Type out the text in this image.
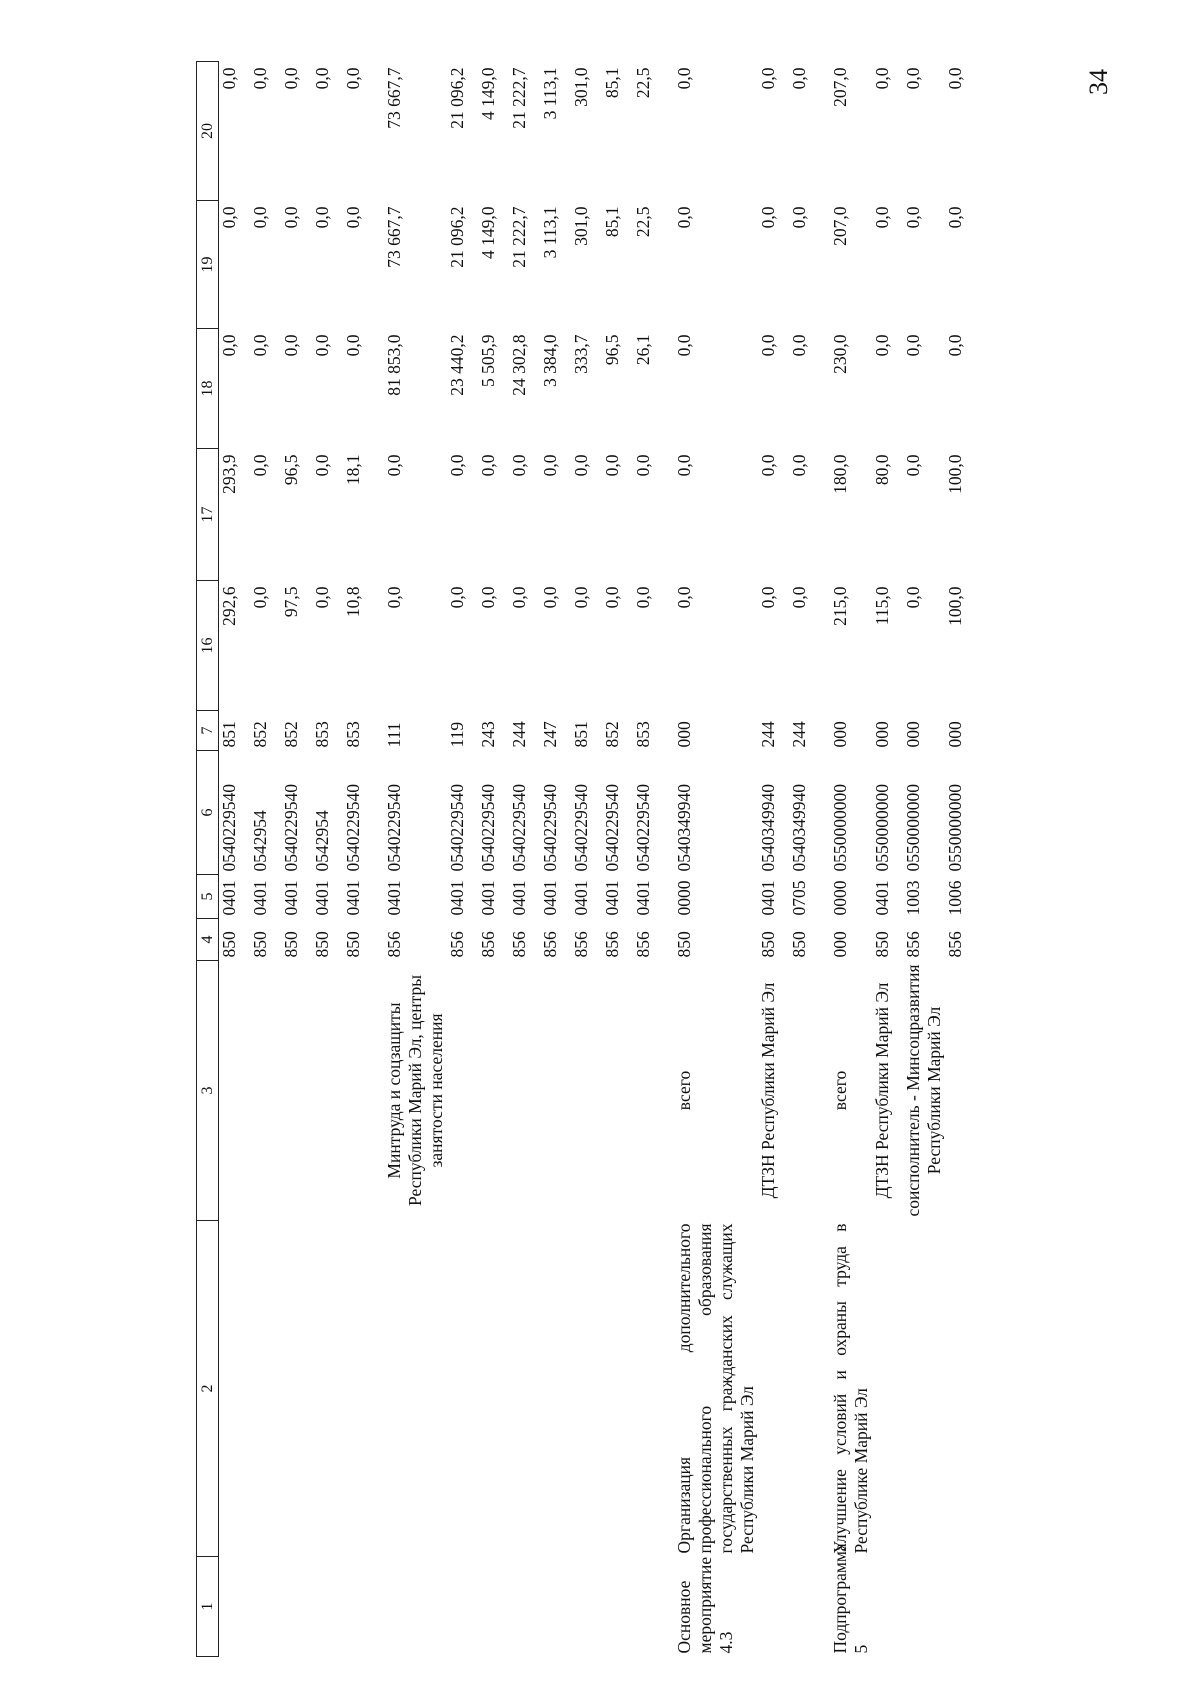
34
1	2	3	4	5	6	7	16	17	18	19	20
			850	0401	0540229540	851	292,6	293,9	0,0	0,0	0,0
			850	0401	0542954	852	0,0	0,0	0,0	0,0	0,0
			850	0401	0540229540	852	97,5	96,5	0,0	0,0	0,0
			850	0401	0542954	853	0,0	0,0	0,0	0,0	0,0
			850	0401	0540229540	853	10,8	18,1	0,0	0,0	0,0

		Минтруда и соцзащиты Республики Марий Эл, центры занятости населения	856	0401	0540229540	111	0,0	0,0	81 853,0	73 667,7	73 667,7
			856	0401	0540229540	119	0,0	0,0	23 440,2	21 096,2	21 096,2
			856	0401	0540229540	243	0,0	0,0	5 505,9	4 149,0	4 149,0
			856	0401	0540229540	244	0,0	0,0	24 302,8	21 222,7	21 222,7
			856	0401	0540229540	247	0,0	0,0	3 384,0	3 113,1	3 113,1
			856	0401	0540229540	851	0,0	0,0	333,7	301,0	301,0
			856	0401	0540229540	852	0,0	0,0	96,5	85,1	85,1
			856	0401	0540229540	853	0,0	0,0	26,1	22,5	22,5

Основное мероприятие 4.3	Организация дополнительного профессионального образования государственных гражданских служащих Республики Марий Эл	всего	850	0000	0540349940	000	0,0	0,0	0,0	0,0	0,0
		ДТЗН Республики Марий Эл	850	0401	0540349940	244	0,0	0,0	0,0	0,0	0,0
			850	0705	0540349940	244	0,0	0,0	0,0	0,0	0,0

Подпрограмма 5	Улучшение условий и охраны труда в Республике Марий Эл	всего	000	0000	0550000000	000	215,0	180,0	230,0	207,0	207,0
		ДТЗН Республики Марий Эл	850	0401	0550000000	000	115,0	80,0	0,0	0,0	0,0
		соисполнитель - Минсоцразвития Республики Марий Эл	856	1003	0550000000	000	0,0	0,0	0,0	0,0	0,0
			856	1006	0550000000	000	100,0	100,0	0,0	0,0	0,0
